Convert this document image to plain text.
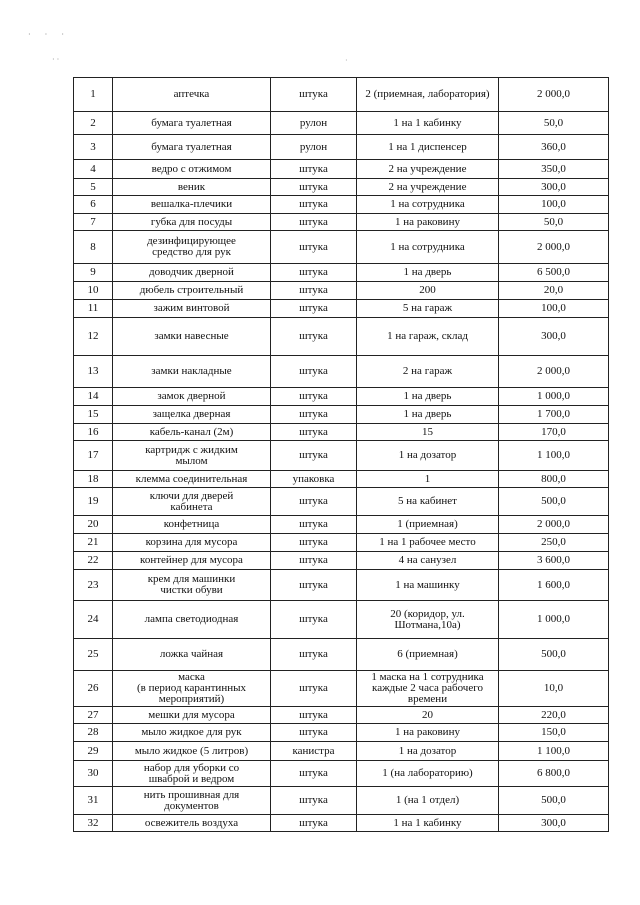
· · ·
· ·	·
1	аптечка	штука	2 (приемная, лаборатория)	2 000,0
2	бумага туалетная	рулон	1 на 1 кабинку	50,0
3	бумага туалетная	рулон	1 на 1 диспенсер	360,0
4	ведро с отжимом	штука	2 на учреждение	350,0
5	веник	штука	2 на учреждение	300,0
6	вешалка-плечики	штука	1 на сотрудника	100,0
7	губка для посуды	штука	1 на раковину	50,0
8	дезинфицирующее
средство для рук	штука	1 на сотрудника	2 000,0
9	доводчик дверной	штука	1 на дверь	6 500,0
10	дюбель строительный	штука	200	20,0
11	зажим винтовой	штука	5 на гараж	100,0
12	замки навесные	штука	1 на гараж, склад	300,0
13	замки накладные	штука	2 на гараж	2 000,0
14	замок дверной	штука	1 на дверь	1 000,0
15	защелка дверная	штука	1 на дверь	1 700,0
16	кабель-канал (2м)	штука	15	170,0
17	картридж с жидким
мылом	штука	1 на дозатор	1 100,0
18	клемма соединительная	упаковка	1	800,0
19	ключи для дверей
кабинета	штука	5 на кабинет	500,0
20	конфетница	штука	1 (приемная)	2 000,0
21	корзина для мусора	штука	1 на 1 рабочее место	250,0
22	контейнер для мусора	штука	4 на санузел	3 600,0
23	крем для машинки
чистки обуви	штука	1 на машинку	1 600,0
24	лампа светодиодная	штука	20 (коридор, ул.
Шотмана,10а)	1 000,0
25	ложка чайная	штука	6 (приемная)	500,0
26	маска
(в период карантинных
мероприятий)	штука	1 маска на 1 сотрудника
каждые 2 часа рабочего
времени	10,0
27	мешки для мусора	штука	20	220,0
28	мыло жидкое для рук	штука	1 на раковину	150,0
29	мыло жидкое (5 литров)	канистра	1 на дозатор	1 100,0
30	набор для уборки со
шваброй и ведром	штука	1 (на лабораторию)	6 800,0
31	нить прошивная для
документов	штука	1 (на 1 отдел)	500,0
32	освежитель воздуха	штука	1 на 1 кабинку	300,0
